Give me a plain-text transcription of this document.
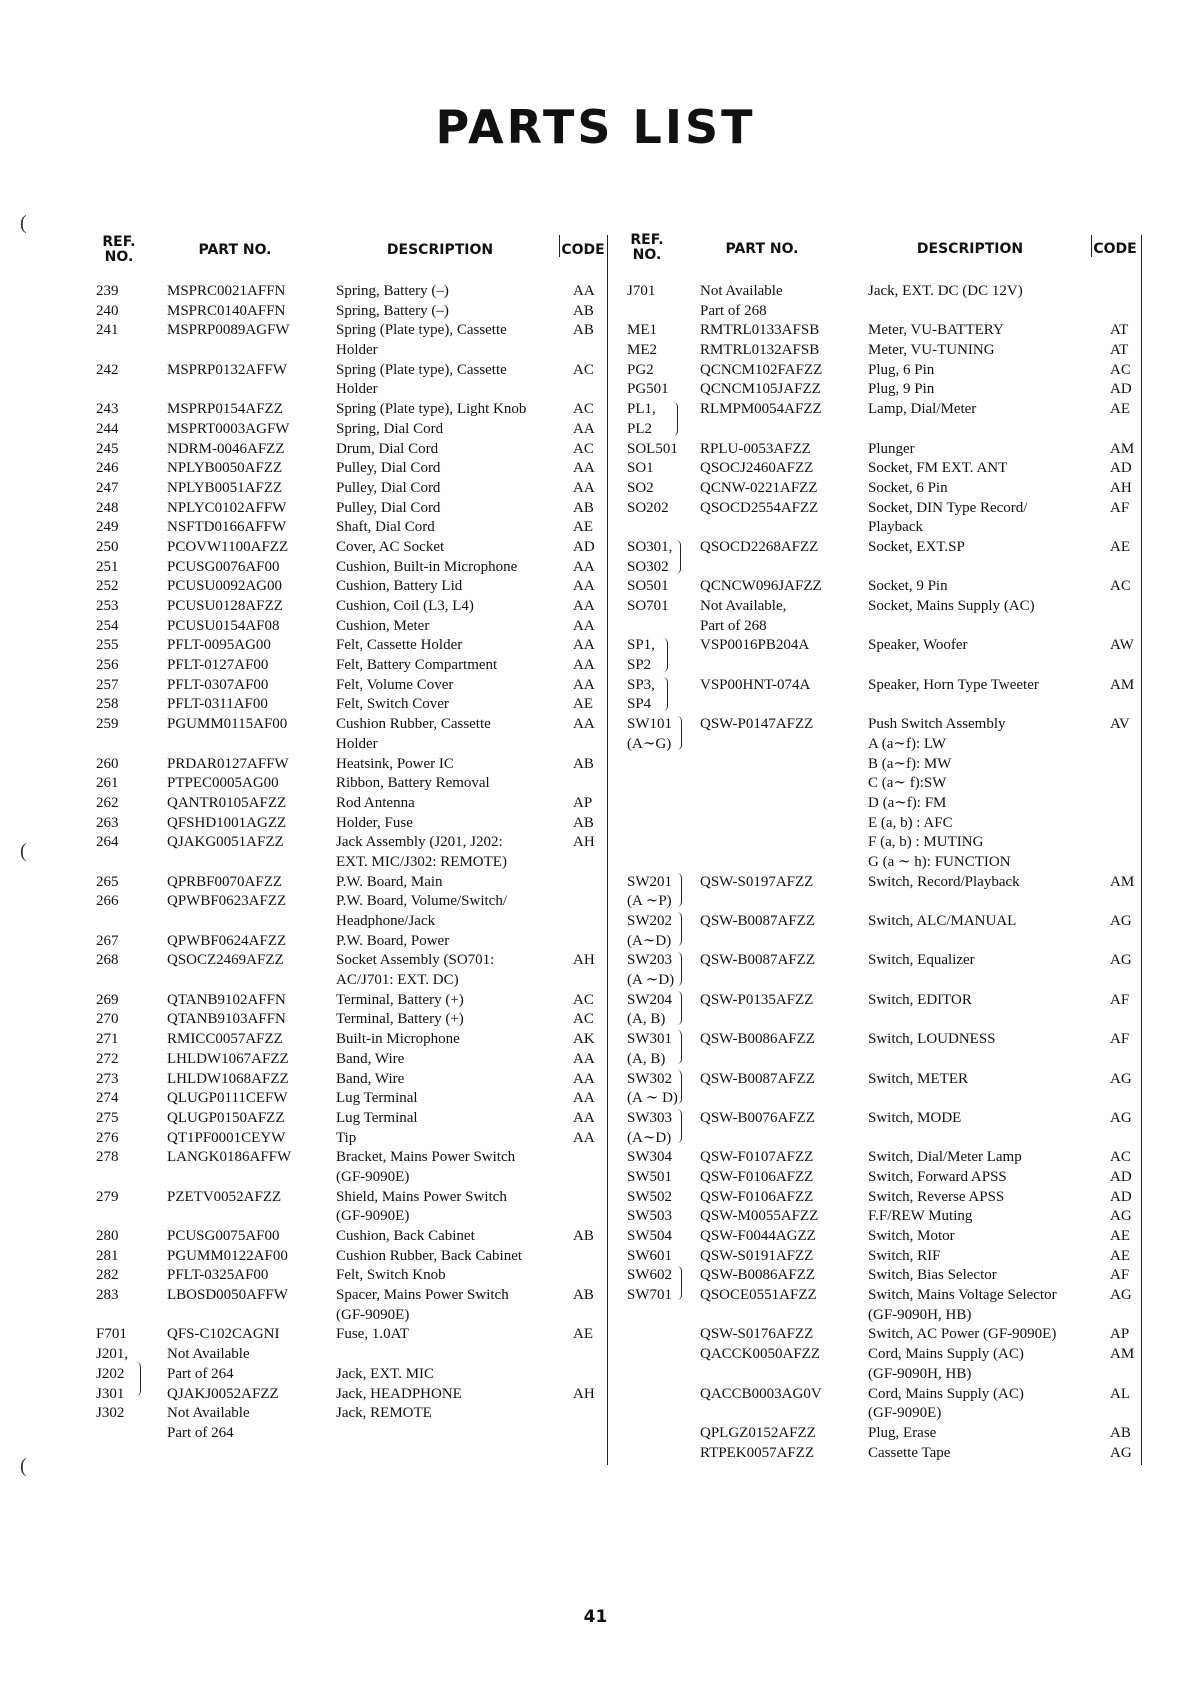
PARTS LIST
(
(
(
REF.
NO.	PART NO.	DESCRIPTION	CODE
REF.
NO.	PART NO.	DESCRIPTION	CODE
239	MSPRC0021AFFN	Spring, Battery (–)	AA
240	MSPRC0140AFFN	Spring, Battery (–)	AB
241	MSPRP0089AGFW	Spring (Plate type), Cassette	AB
Holder
242	MSPRP0132AFFW	Spring (Plate type), Cassette	AC
Holder
243	MSPRP0154AFZZ	Spring (Plate type), Light Knob	AC
244	MSPRT0003AGFW	Spring, Dial Cord	AA
245	NDRM-0046AFZZ	Drum, Dial Cord	AC
246	NPLYB0050AFZZ	Pulley, Dial Cord	AA
247	NPLYB0051AFZZ	Pulley, Dial Cord	AA
248	NPLYC0102AFFW	Pulley, Dial Cord	AB
249	NSFTD0166AFFW	Shaft, Dial Cord	AE
250	PCOVW1100AFZZ	Cover, AC Socket	AD
251	PCUSG0076AF00	Cushion, Built-in Microphone	AA
252	PCUSU0092AG00	Cushion, Battery Lid	AA
253	PCUSU0128AFZZ	Cushion, Coil (L3, L4)	AA
254	PCUSU0154AF08	Cushion, Meter	AA
255	PFLT-0095AG00	Felt, Cassette Holder	AA
256	PFLT-0127AF00	Felt, Battery Compartment	AA
257	PFLT-0307AF00	Felt, Volume Cover	AA
258	PFLT-0311AF00	Felt, Switch Cover	AE
259	PGUMM0115AF00	Cushion Rubber, Cassette	AA
Holder
260	PRDAR0127AFFW	Heatsink, Power IC	AB
261	PTPEC0005AG00	Ribbon, Battery Removal
262	QANTR0105AFZZ	Rod Antenna	AP
263	QFSHD1001AGZZ	Holder, Fuse	AB
264	QJAKG0051AFZZ	Jack Assembly (J201, J202:	AH
EXT. MIC/J302: REMOTE)
265	QPRBF0070AFZZ	P.W. Board, Main
266	QPWBF0623AFZZ	P.W. Board, Volume/Switch/
Headphone/Jack
267	QPWBF0624AFZZ	P.W. Board, Power
268	QSOCZ2469AFZZ	Socket Assembly (SO701:	AH
AC/J701: EXT. DC)
269	QTANB9102AFFN	Terminal, Battery (+)	AC
270	QTANB9103AFFN	Terminal, Battery (+)	AC
271	RMICC0057AFZZ	Built-in Microphone	AK
272	LHLDW1067AFZZ	Band, Wire	AA
273	LHLDW1068AFZZ	Band, Wire	AA
274	QLUGP0111CEFW	Lug Terminal	AA
275	QLUGP0150AFZZ	Lug Terminal	AA
276	QT1PF0001CEYW	Tip	AA
278	LANGK0186AFFW	Bracket, Mains Power Switch
(GF-9090E)
279	PZETV0052AFZZ	Shield, Mains Power Switch
(GF-9090E)
280	PCUSG0075AF00	Cushion, Back Cabinet	AB
281	PGUMM0122AF00	Cushion Rubber, Back Cabinet
282	PFLT-0325AF00	Felt, Switch Knob
283	LBOSD0050AFFW	Spacer, Mains Power Switch	AB
(GF-9090E)
F701	QFS-C102CAGNI	Fuse, 1.0AT	AE
J201,	Not Available
J202	Part of 264	Jack, EXT. MIC
J301	QJAKJ0052AFZZ	Jack, HEADPHONE	AH
J302	Not Available	Jack, REMOTE
Part of 264
J701	Not Available	Jack, EXT. DC (DC 12V)
Part of 268
ME1	RMTRL0133AFSB	Meter, VU-BATTERY	AT
ME2	RMTRL0132AFSB	Meter, VU-TUNING	AT
PG2	QCNCM102FAFZZ	Plug, 6 Pin	AC
PG501 QCNCM105JAFZZ	Plug, 9 Pin	AD
PL1,	RLMPM0054AFZZ	Lamp, Dial/Meter	AE
PL2
SOL501 RPLU-0053AFZZ	Plunger	AM
SO1	QSOCJ2460AFZZ	Socket, FM EXT. ANT	AD
SO2	QCNW-0221AFZZ	Socket, 6 Pin	AH
SO202 QSOCD2554AFZZ	Socket, DIN Type Record/	AF
Playback
SO301, QSOCD2268AFZZ	Socket, EXT.SP	AE
SO302
SO501 QCNCW096JAFZZ	Socket, 9 Pin	AC
SO701 Not Available,	Socket, Mains Supply (AC)
Part of 268
SP1,	VSP0016PB204A	Speaker, Woofer	AW
SP2
SP3,	VSP00HNT-074A	Speaker, Horn Type Tweeter	AM
SP4
SW101 QSW-P0147AFZZ	Push Switch Assembly	AV
(A∼G)	A (a∼f): LW
B (a∼f): MW
C (a∼ f):SW
D (a∼f): FM
E (a, b) : AFC
F (a, b) : MUTING
G (a ∼ h): FUNCTION
SW201 QSW-S0197AFZZ	Switch, Record/Playback	AM
(A ∼P)
SW202 QSW-B0087AFZZ	Switch, ALC/MANUAL	AG
(A∼D)
SW203 QSW-B0087AFZZ	Switch, Equalizer	AG
(A ∼D)
SW204 QSW-P0135AFZZ	Switch, EDITOR	AF
(A, B)
SW301 QSW-B0086AFZZ	Switch, LOUDNESS	AF
(A, B)
SW302 QSW-B0087AFZZ	Switch, METER	AG
(A ∼ D)
SW303 QSW-B0076AFZZ	Switch, MODE	AG
(A∼D)
SW304 QSW-F0107AFZZ	Switch, Dial/Meter Lamp	AC
SW501 QSW-F0106AFZZ	Switch, Forward APSS	AD
SW502 QSW-F0106AFZZ	Switch, Reverse APSS	AD
SW503 QSW-M0055AFZZ	F.F/REW Muting	AG
SW504 QSW-F0044AGZZ	Switch, Motor	AE
SW601 QSW-S0191AFZZ	Switch, RIF	AE
SW602 QSW-B0086AFZZ	Switch, Bias Selector	AF
SW701 QSOCE0551AFZZ	Switch, Mains Voltage Selector	AG
(GF-9090H, HB)
QSW-S0176AFZZ	Switch, AC Power (GF-9090E)	AP
QACCK0050AFZZ	Cord, Mains Supply (AC)	AM
(GF-9090H, HB)
QACCB0003AG0V	Cord, Mains Supply (AC)	AL
(GF-9090E)
QPLGZ0152AFZZ	Plug, Erase	AB
RTPEK0057AFZZ	Cassette Tape	AG
41
